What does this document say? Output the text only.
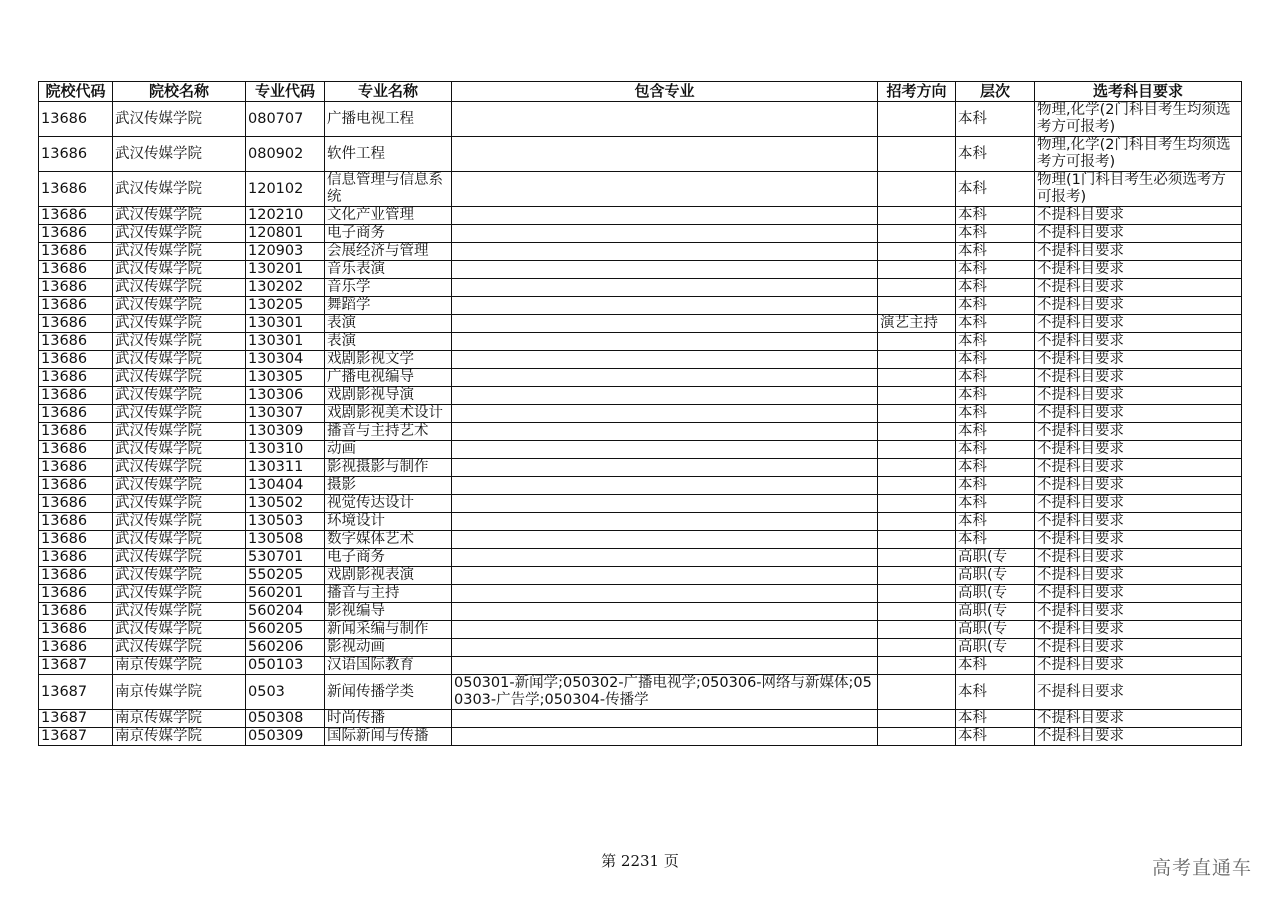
院校代码	院校名称	专业代码	专业名称	包含专业	招考方向	层次	选考科目要求
13686	武汉传媒学院	080707	广播电视工程			本科	物理,化学(2门科目考生均须选考方可报考)
13686	武汉传媒学院	080902	软件工程			本科	物理,化学(2门科目考生均须选考方可报考)
13686	武汉传媒学院	120102	信息管理与信息系统			本科	物理(1门科目考生必须选考方可报考)
13686	武汉传媒学院	120210	文化产业管理			本科	不提科目要求
13686	武汉传媒学院	120801	电子商务			本科	不提科目要求
13686	武汉传媒学院	120903	会展经济与管理			本科	不提科目要求
13686	武汉传媒学院	130201	音乐表演			本科	不提科目要求
13686	武汉传媒学院	130202	音乐学			本科	不提科目要求
13686	武汉传媒学院	130205	舞蹈学			本科	不提科目要求
13686	武汉传媒学院	130301	表演		演艺主持	本科	不提科目要求
13686	武汉传媒学院	130301	表演			本科	不提科目要求
13686	武汉传媒学院	130304	戏剧影视文学			本科	不提科目要求
13686	武汉传媒学院	130305	广播电视编导			本科	不提科目要求
13686	武汉传媒学院	130306	戏剧影视导演			本科	不提科目要求
13686	武汉传媒学院	130307	戏剧影视美术设计			本科	不提科目要求
13686	武汉传媒学院	130309	播音与主持艺术			本科	不提科目要求
13686	武汉传媒学院	130310	动画			本科	不提科目要求
13686	武汉传媒学院	130311	影视摄影与制作			本科	不提科目要求
13686	武汉传媒学院	130404	摄影			本科	不提科目要求
13686	武汉传媒学院	130502	视觉传达设计			本科	不提科目要求
13686	武汉传媒学院	130503	环境设计			本科	不提科目要求
13686	武汉传媒学院	130508	数字媒体艺术			本科	不提科目要求
13686	武汉传媒学院	530701	电子商务			高职(专	不提科目要求
13686	武汉传媒学院	550205	戏剧影视表演			高职(专	不提科目要求
13686	武汉传媒学院	560201	播音与主持			高职(专	不提科目要求
13686	武汉传媒学院	560204	影视编导			高职(专	不提科目要求
13686	武汉传媒学院	560205	新闻采编与制作			高职(专	不提科目要求
13686	武汉传媒学院	560206	影视动画			高职(专	不提科目要求
13687	南京传媒学院	050103	汉语国际教育			本科	不提科目要求
13687	南京传媒学院	0503	新闻传播学类	050301-新闻学;050302-广播电视学;050306-网络与新媒体;050303-广告学;050304-传播学		本科	不提科目要求
13687	南京传媒学院	050308	时尚传播			本科	不提科目要求
13687	南京传媒学院	050309	国际新闻与传播			本科	不提科目要求
第 2231 页	高考直通车
